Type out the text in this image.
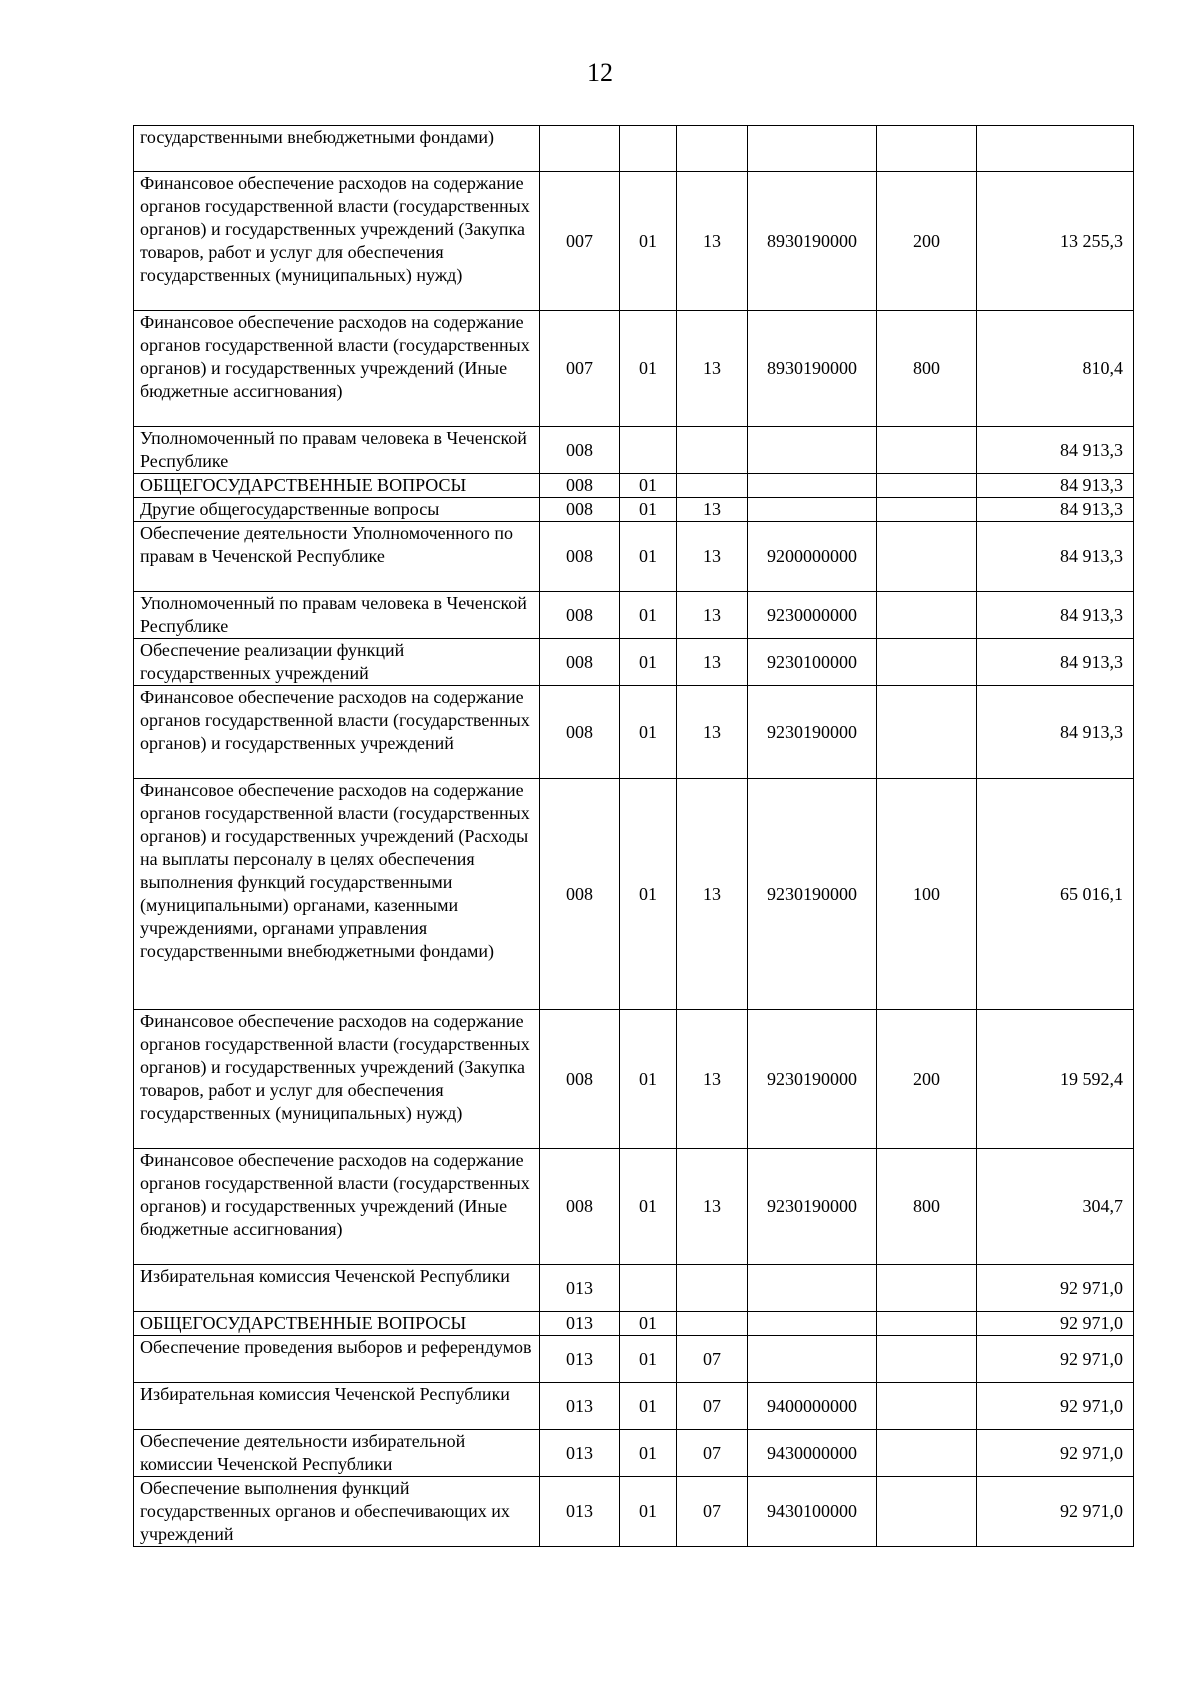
12
государственными внебюджетными фондами)						
Финансовое обеспечение расходов на содержание органов государственной власти (государственных органов) и государственных учреждений (Закупка товаров, работ и услуг для обеспечения государственных (муниципальных) нужд)	007	01	13	8930190000	200	13 255,3
Финансовое обеспечение расходов на содержание органов государственной власти (государственных органов) и государственных учреждений (Иные бюджетные ассигнования)	007	01	13	8930190000	800	810,4
Уполномоченный по правам человека в Чеченской Республике	008					84 913,3
ОБЩЕГОСУДАРСТВЕННЫЕ ВОПРОСЫ	008	01				84 913,3
Другие общегосударственные вопросы	008	01	13			84 913,3
Обеспечение деятельности Уполномоченного по правам в Чеченской Республике	008	01	13	9200000000		84 913,3
Уполномоченный по правам человека в Чеченской Республике	008	01	13	9230000000		84 913,3
Обеспечение реализации функций государственных учреждений	008	01	13	9230100000		84 913,3
Финансовое обеспечение расходов на содержание органов государственной власти (государственных органов) и государственных учреждений	008	01	13	9230190000		84 913,3
Финансовое обеспечение расходов на содержание органов государственной власти (государственных органов) и государственных учреждений (Расходы на выплаты персоналу в целях обеспечения выполнения функций государственными (муниципальными) органами, казенными учреждениями, органами управления государственными внебюджетными фондами)	008	01	13	9230190000	100	65 016,1
Финансовое обеспечение расходов на содержание органов государственной власти (государственных органов) и государственных учреждений (Закупка товаров, работ и услуг для обеспечения государственных (муниципальных) нужд)	008	01	13	9230190000	200	19 592,4
Финансовое обеспечение расходов на содержание органов государственной власти (государственных органов) и государственных учреждений (Иные бюджетные ассигнования)	008	01	13	9230190000	800	304,7
Избирательная комиссия Чеченской Республики	013					92 971,0
ОБЩЕГОСУДАРСТВЕННЫЕ ВОПРОСЫ	013	01				92 971,0
Обеспечение проведения выборов и референдумов	013	01	07			92 971,0
Избирательная комиссия Чеченской Республики	013	01	07	9400000000		92 971,0
Обеспечение деятельности избирательной комиссии Чеченской Республики	013	01	07	9430000000		92 971,0
Обеспечение выполнения функций государственных органов и обеспечивающих их учреждений	013	01	07	9430100000		92 971,0
